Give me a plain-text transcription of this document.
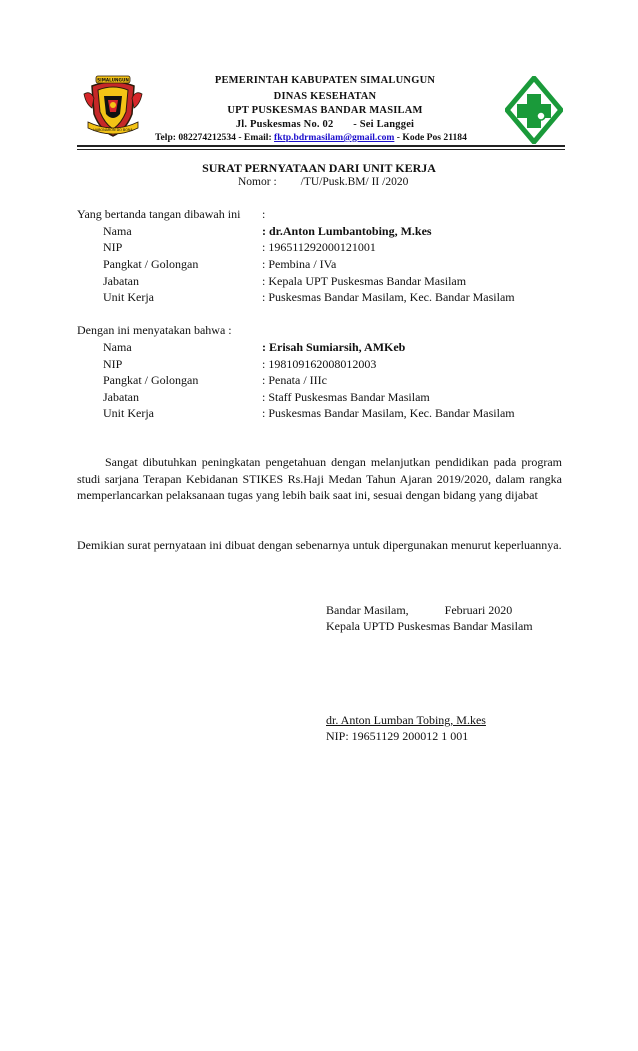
SIMALUNGUN
HABONARON DO BONA
PEMERINTAH KABUPATEN SIMALUNGUN
DINAS KESEHATAN
UPT PUSKESMAS BANDAR MASILAM
Jl. Puskesmas No. 02       - Sei Langgei
Telp: 082274212534 - Email: fktp.bdrmasilam@gmail.com - Kode Pos 21184
SURAT PERNYATAAN DARI UNIT KERJA
Nomor : /TU/Pusk.BM/ II /2020
Yang bertanda tangan dibawah ini :
Nama	: dr.Anton Lumbantobing, M.kes
NIP	: 196511292000121001
Pangkat / Golongan	: Pembina / IVa
Jabatan	: Kepala UPT Puskesmas Bandar Masilam
Unit Kerja	: Puskesmas Bandar Masilam, Kec. Bandar Masilam
Dengan ini menyatakan bahwa :
Nama	: Erisah Sumiarsih, AMKeb
NIP	: 198109162008012003
Pangkat / Golongan	: Penata / IIIc
Jabatan	: Staff Puskesmas Bandar Masilam
Unit Kerja	: Puskesmas Bandar Masilam, Kec. Bandar Masilam
Sangat dibutuhkan peningkatan pengetahuan dengan melanjutkan pendidikan pada program studi sarjana Terapan Kebidanan STIKES Rs.Haji Medan Tahun Ajaran 2019/2020, dalam rangka memperlancarkan pelaksanaan tugas yang lebih baik saat ini, sesuai dengan bidang yang dijabat
Demikian surat pernyataan ini dibuat dengan sebenarnya untuk dipergunakan menurut keperluannya.
Bandar Masilam,	Februari 2020
Kepala UPTD Puskesmas Bandar Masilam
dr. Anton Lumban Tobing, M.kes
NIP: 19651129 200012 1 001
